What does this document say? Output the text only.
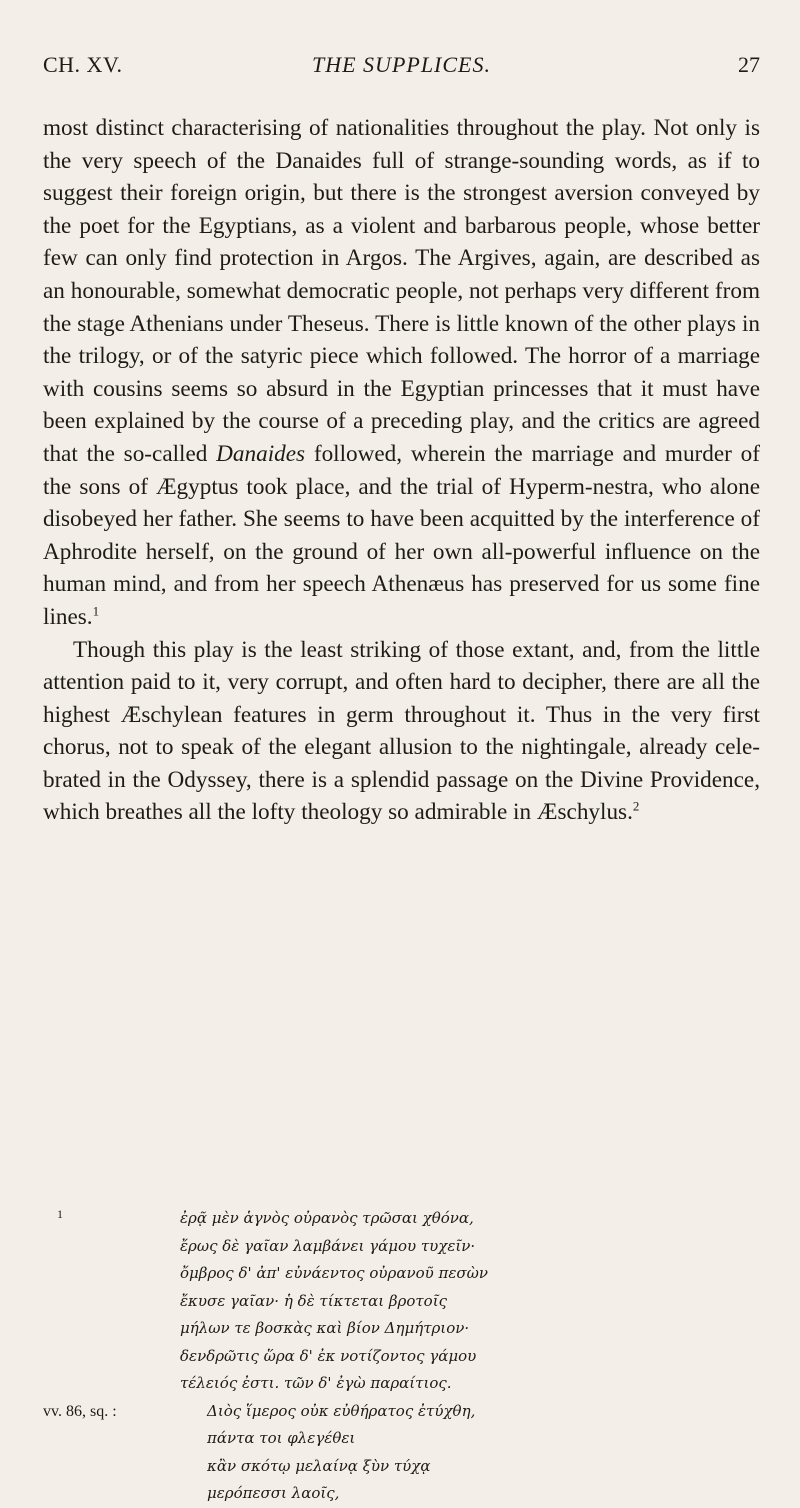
CH. XV.	THE SUPPLICES.	27

most distinct characterising of nationalities throughout the play. Not only is the very speech of the Danaides full of strange-sounding words, as if to suggest their foreign origin, but there is the strongest aversion conveyed by the poet for the Egyptians, as a violent and barbarous people, whose better few can only find protection in Argos. The Argives, again, are described as an honourable, somewhat democratic people, not perhaps very different from the stage Athenians under Theseus. There is little known of the other plays in the trilogy, or of the satyric piece which followed. The horror of a marriage with cousins seems so absurd in the Egyptian princesses that it must have been explained by the course of a preceding play, and the critics are agreed that the so-called Danaides followed, wherein the marriage and murder of the sons of Ægyptus took place, and the trial of Hyperm-nestra, who alone disobeyed her father. She seems to have been acquitted by the interference of Aphrodite herself, on the ground of her own all-powerful influence on the human mind, and from her speech Athenæus has preserved for us some fine lines.$^1$

Though this play is the least striking of those extant, and, from the little attention paid to it, very corrupt, and often hard to decipher, there are all the highest Æschylean features in germ throughout it. Thus in the very first chorus, not to speak of the elegant allusion to the nightingale, already cele-brated in the Odyssey, there is a splendid passage on the Divine Providence, which breathes all the lofty theology so admirable in Æschylus.$^2$

1	ἐρᾷ μὲν ἁγνὸς οὐρανὸς τρῶσαι χθόνα,
ἔρως δὲ γαῖαν λαμβάνει γάμου τυχεῖν·
ὄμβρος δ' ἀπ' εὐνάεντος οὐρανοῦ πεσὼν
ἔκυσε γαῖαν· ἡ δὲ τίκτεται βροτοῖς
μήλων τε βοσκὰς καὶ βίον Δημήτριον·
δενδρῶτις ὥρα δ' ἐκ νοτίζοντος γάμου
τέλειός ἐστι. τῶν δ' ἐγὼ παραίτιος.
vv. 86, sq. :	Διὸς ἵμερος οὐκ εὐθήρατος ἐτύχθη,
πάντα τοι φλεγέθει
κἂν σκότῳ μελαίνᾳ ξὺν τύχᾳ
μερόπεσσι λαοῖς,
